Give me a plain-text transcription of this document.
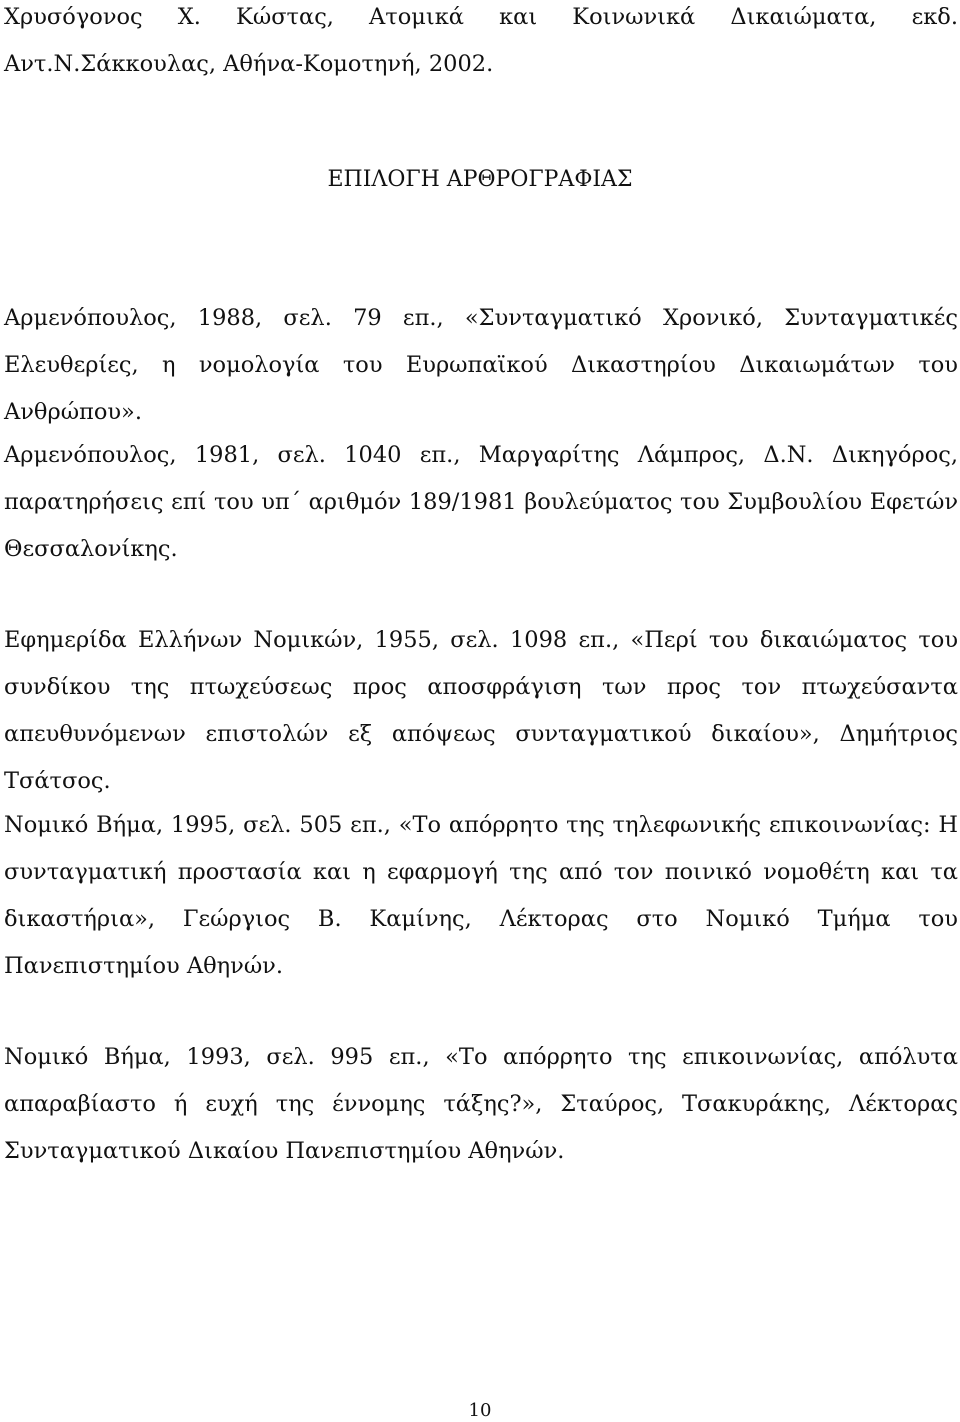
Χρυσόγονος Χ. Κώστας, Ατομικά και Κοινωνικά Δικαιώματα, εκδ. Αντ.Ν.Σάκκουλας, Αθήνα-Κομοτηνή, 2002.

ΕΠΙΛΟΓΗ ΑΡΘΡΟΓΡΑΦΙΑΣ

Αρμενόπουλος, 1988, σελ. 79 επ., «Συνταγματικό Χρονικό, Συνταγματικές Ελευθερίες, η νομολογία του Ευρωπαϊκού Δικαστηρίου Δικαιωμάτων του Ανθρώπου».

Αρμενόπουλος, 1981, σελ. 1040 επ., Μαργαρίτης Λάμπρος, Δ.Ν. Δικηγόρος, παρατηρήσεις επί του υπ΄ αριθμόν 189/1981 βουλεύματος του Συμβουλίου Εφετών Θεσσαλονίκης.

Εφημερίδα Ελλήνων Νομικών, 1955, σελ. 1098 επ., «Περί του δικαιώματος του συνδίκου της πτωχεύσεως προς αποσφράγιση των προς τον πτωχεύσαντα απευθυνόμενων επιστολών εξ απόψεως συνταγματικού δικαίου», Δημήτριος Τσάτσος.

Νομικό Βήμα, 1995, σελ. 505 επ., «Το απόρρητο της τηλεφωνικής επικοινωνίας: Η συνταγματική προστασία και η εφαρμογή της από τον ποινικό νομοθέτη και τα δικαστήρια», Γεώργιος Β. Καμίνης, Λέκτορας στο Νομικό Τμήμα του Πανεπιστημίου Αθηνών.

Νομικό Βήμα, 1993, σελ. 995 επ., «Το απόρρητο της επικοινωνίας, απόλυτα απαραβίαστο ή ευχή της έννομης τάξης?», Σταύρος, Τσακυράκης, Λέκτορας Συνταγματικού Δικαίου Πανεπιστημίου Αθηνών.

10
